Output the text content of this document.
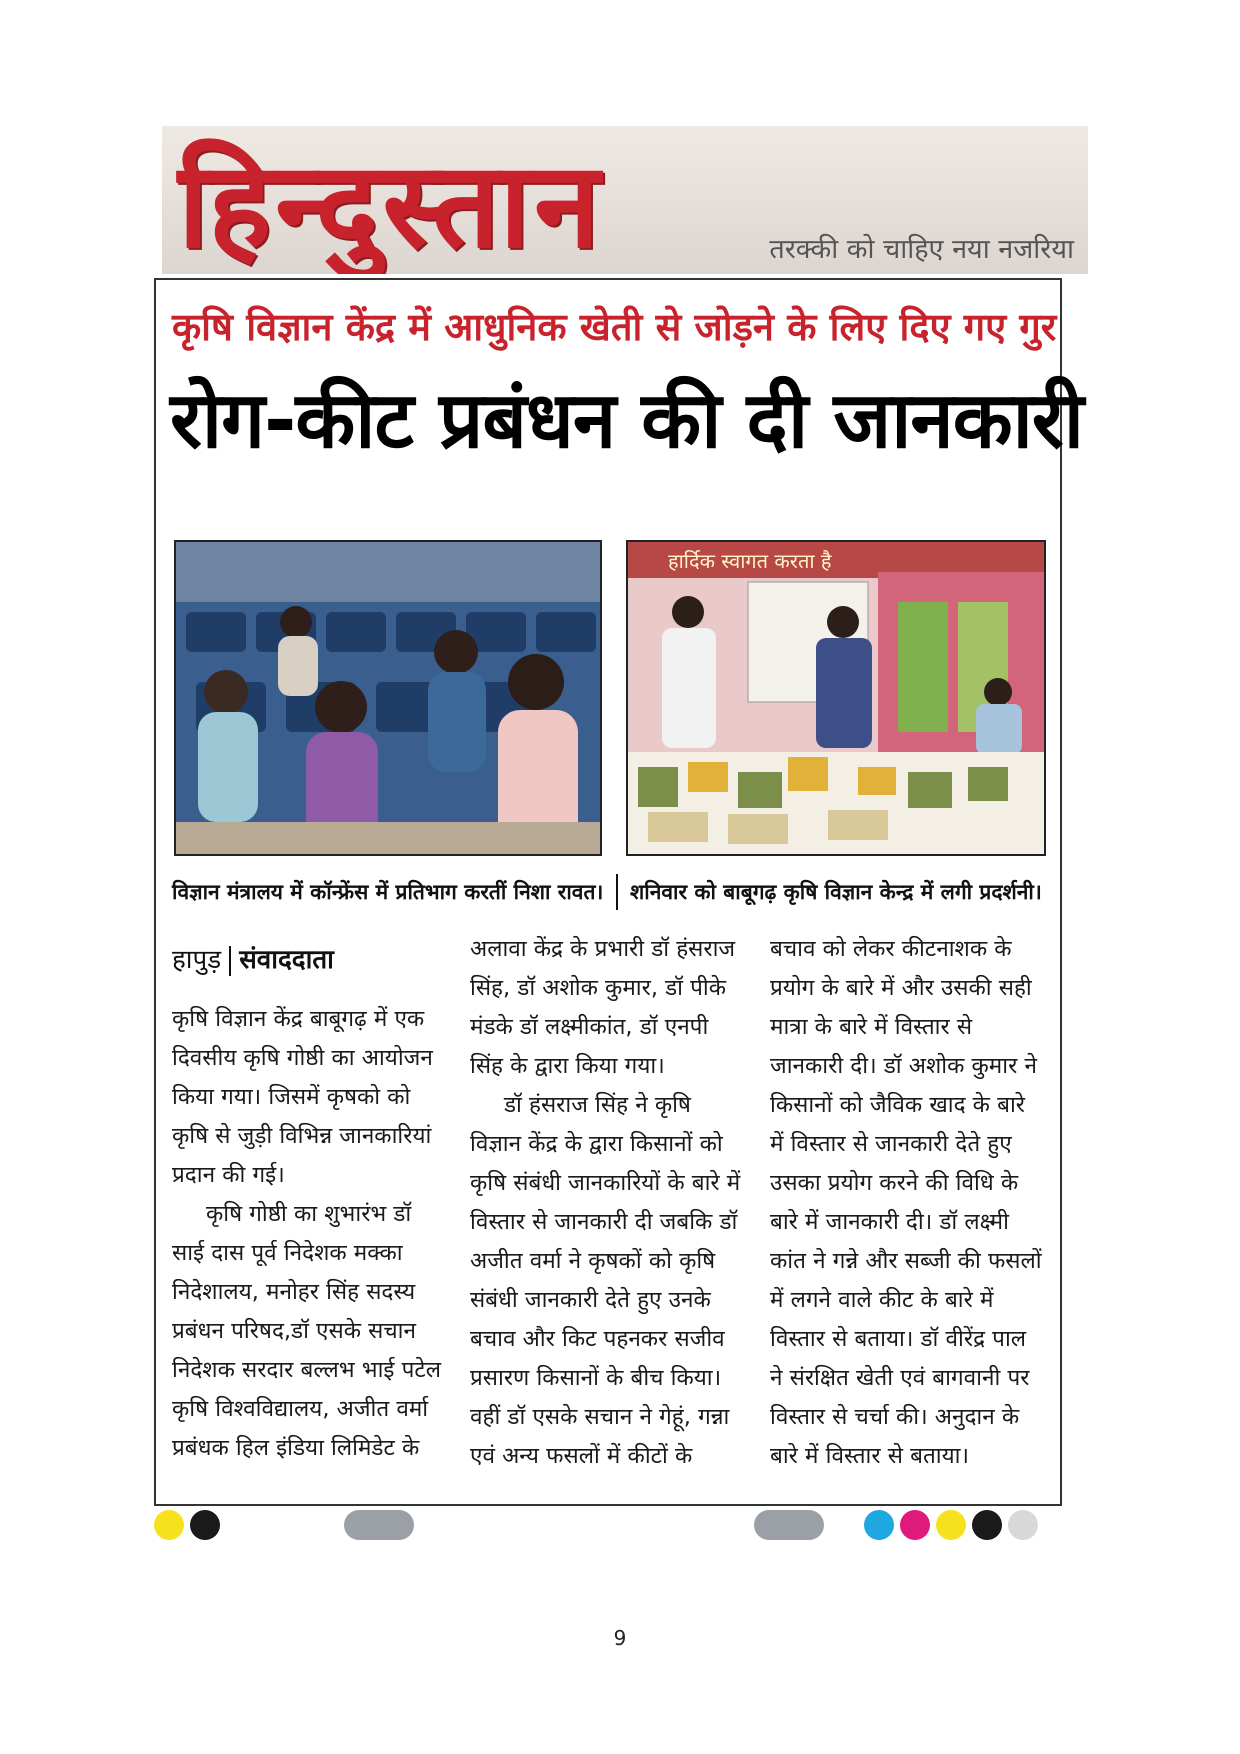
हिन्दुस्तान	तरक्की को चाहिए नया नजरिया
कृषि विज्ञान केंद्र में आधुनिक खेती से जोड़ने के लिए दिए गए गुर
रोग-कीट प्रबंधन की दी जानकारी
हार्दिक स्वागत करता है
विज्ञान मंत्रालय में कॉन्फ्रेंस में प्रतिभाग करतीं निशा रावत। शनिवार को बाबूगढ़ कृषि विज्ञान केन्द्र में लगी प्रदर्शनी।
हापुड़ संवाददाता

कृषि विज्ञान केंद्र बाबूगढ़ में एक दिवसीय कृषि गोष्ठी का आयोजन किया गया। जिसमें कृषको को कृषि से जुड़ी विभिन्न जानकारियां प्रदान की गई।

कृषि गोष्ठी का शुभारंभ डॉ साई दास पूर्व निदेशक मक्का निदेशालय, मनोहर सिंह सदस्य प्रबंधन परिषद,डॉ एसके सचान निदेशक सरदार बल्लभ भाई पटेल कृषि विश्वविद्यालय, अजीत वर्मा प्रबंधक हिल इंडिया लिमिडेट के

अलावा केंद्र के प्रभारी डॉ हंसराज सिंह, डॉ अशोक कुमार, डॉ पीके मंडके डॉ लक्ष्मीकांत, डॉ एनपी सिंह के द्वारा किया गया।

डॉ हंसराज सिंह ने कृषि विज्ञान केंद्र के द्वारा किसानों को कृषि संबंधी जानकारियों के बारे में विस्तार से जानकारी दी जबकि डॉ अजीत वर्मा ने कृषकों को कृषि संबंधी जानकारी देते हुए उनके बचाव और किट पहनकर सजीव प्रसारण किसानों के बीच किया। वहीं डॉ एसके सचान ने गेहूं, गन्ना एवं अन्य फसलों में कीटों के

बचाव को लेकर कीटनाशक के प्रयोग के बारे में और उसकी सही मात्रा के बारे में विस्तार से जानकारी दी। डॉ अशोक कुमार ने किसानों को जैविक खाद के बारे में विस्तार से जानकारी देते हुए उसका प्रयोग करने की विधि के बारे में जानकारी दी। डॉ लक्ष्मी कांत ने गन्ने और सब्जी की फसलों में लगने वाले कीट के बारे में विस्तार से बताया। डॉ वीरेंद्र पाल ने संरक्षित खेती एवं बागवानी पर विस्तार से चर्चा की। अनुदान के बारे में विस्तार से बताया।

9
